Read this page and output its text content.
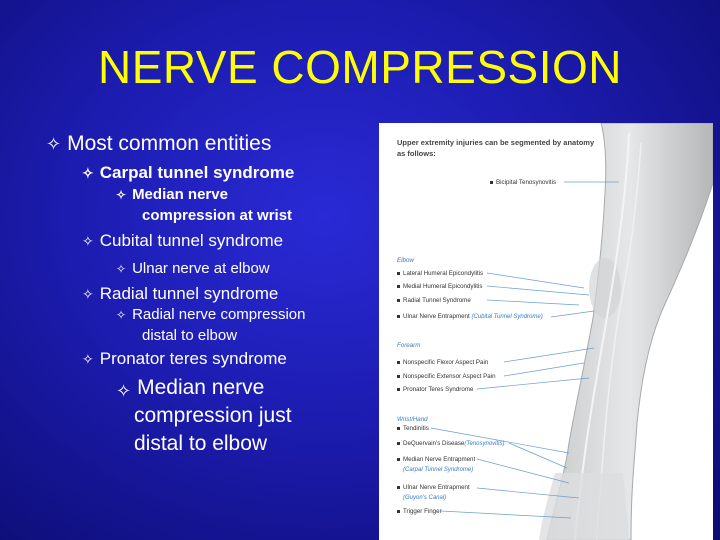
NERVE COMPRESSION
✧ Most common entities
✧ Carpal tunnel syndrome
✧ Median nerve
compression at wrist
✧ Cubital tunnel syndrome
✧ Ulnar nerve at elbow
✧ Radial tunnel syndrome
✧ Radial nerve compression
distal to elbow
✧ Pronator teres syndrome
✧ Median nerve
compression just
distal to elbow
Upper extremity injuries can be segmented by anatomy as follows:
Bicipital Tenosynovitis
Elbow
Lateral Humeral Epicondylitis
Medial Humeral Epicondylitis
Radial Tunnel Syndrome
Ulnar Nerve Entrapment (Cubital Tunnel Syndrome)
Forearm
Nonspecific Flexor Aspect Pain
Nonspecific Extensor Aspect Pain
Pronator Teres Syndrome
Wrist/Hand
Tendinitis
DeQuervain's Disease(Tenosynovitis)
Median Nerve Entrapment
(Carpal Tunnel Syndrome)
Ulnar Nerve Entrapment
(Guyon's Canal)
Trigger Finger
